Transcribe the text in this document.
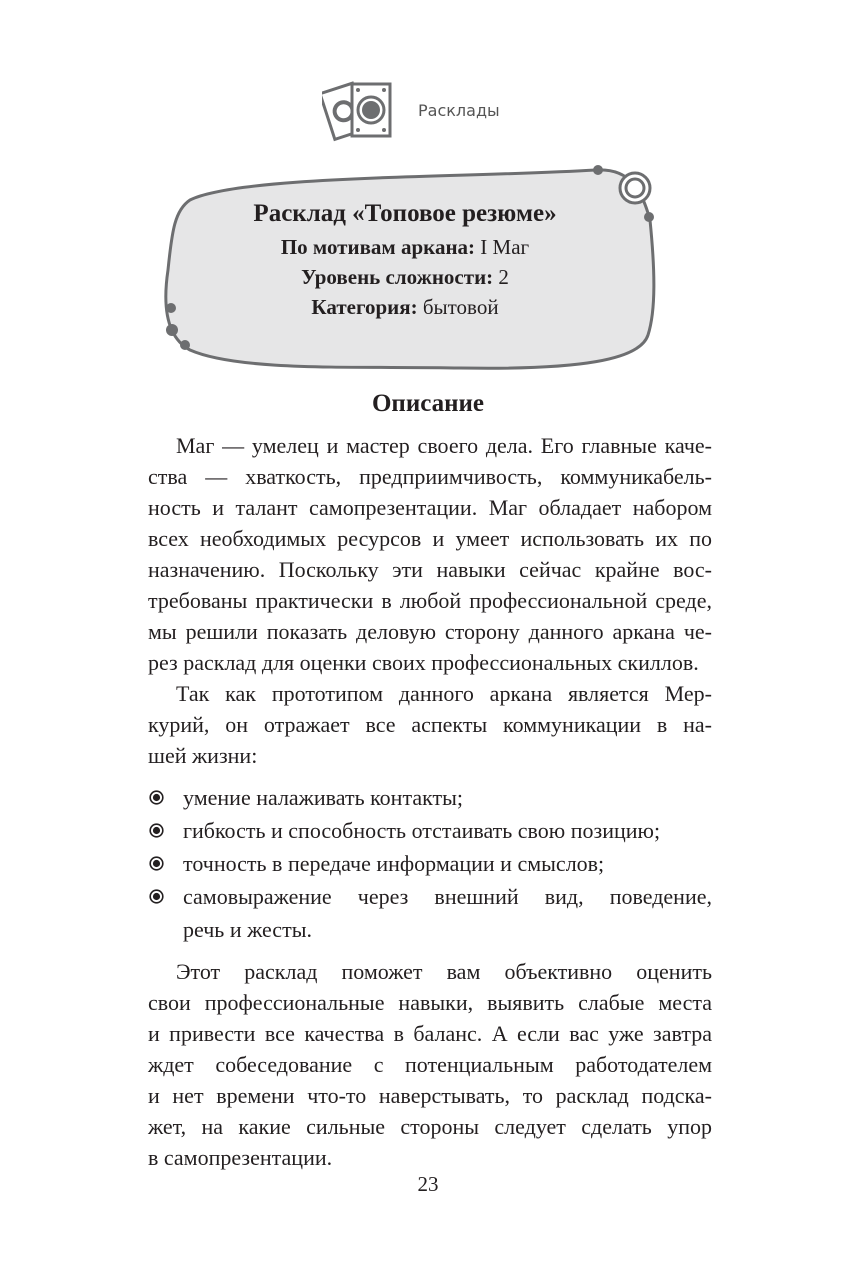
Расклады
Расклад «Топовое резюме»
По мотивам аркана: I Маг
Уровень сложности: 2
Категория: бытовой
Описание
Маг — умелец и мастер своего дела. Его главные каче-
ства — хваткость, предприимчивость, коммуникабель-
ность и талант самопрезентации. Маг обладает набором
всех необходимых ресурсов и умеет использовать их по
назначению. Поскольку эти навыки сейчас крайне вос-
требованы практически в любой профессиональной среде,
мы решили показать деловую сторону данного аркана че-
рез расклад для оценки своих профессиональных скиллов.
Так как прототипом данного аркана является Мер-
курий, он отражает все аспекты коммуникации в на-
шей жизни:
умение налаживать контакты;
гибкость и способность отстаивать свою позицию;
точность в передаче информации и смыслов;
самовыражение через внешний вид, поведение,
речь и жесты.
Этот расклад поможет вам объективно оценить
свои профессиональные навыки, выявить слабые места
и привести все качества в баланс. А если вас уже завтра
ждет собеседование с потенциальным работодателем
и нет времени что-то наверстывать, то расклад подска-
жет, на какие сильные стороны следует сделать упор
в самопрезентации.
23
